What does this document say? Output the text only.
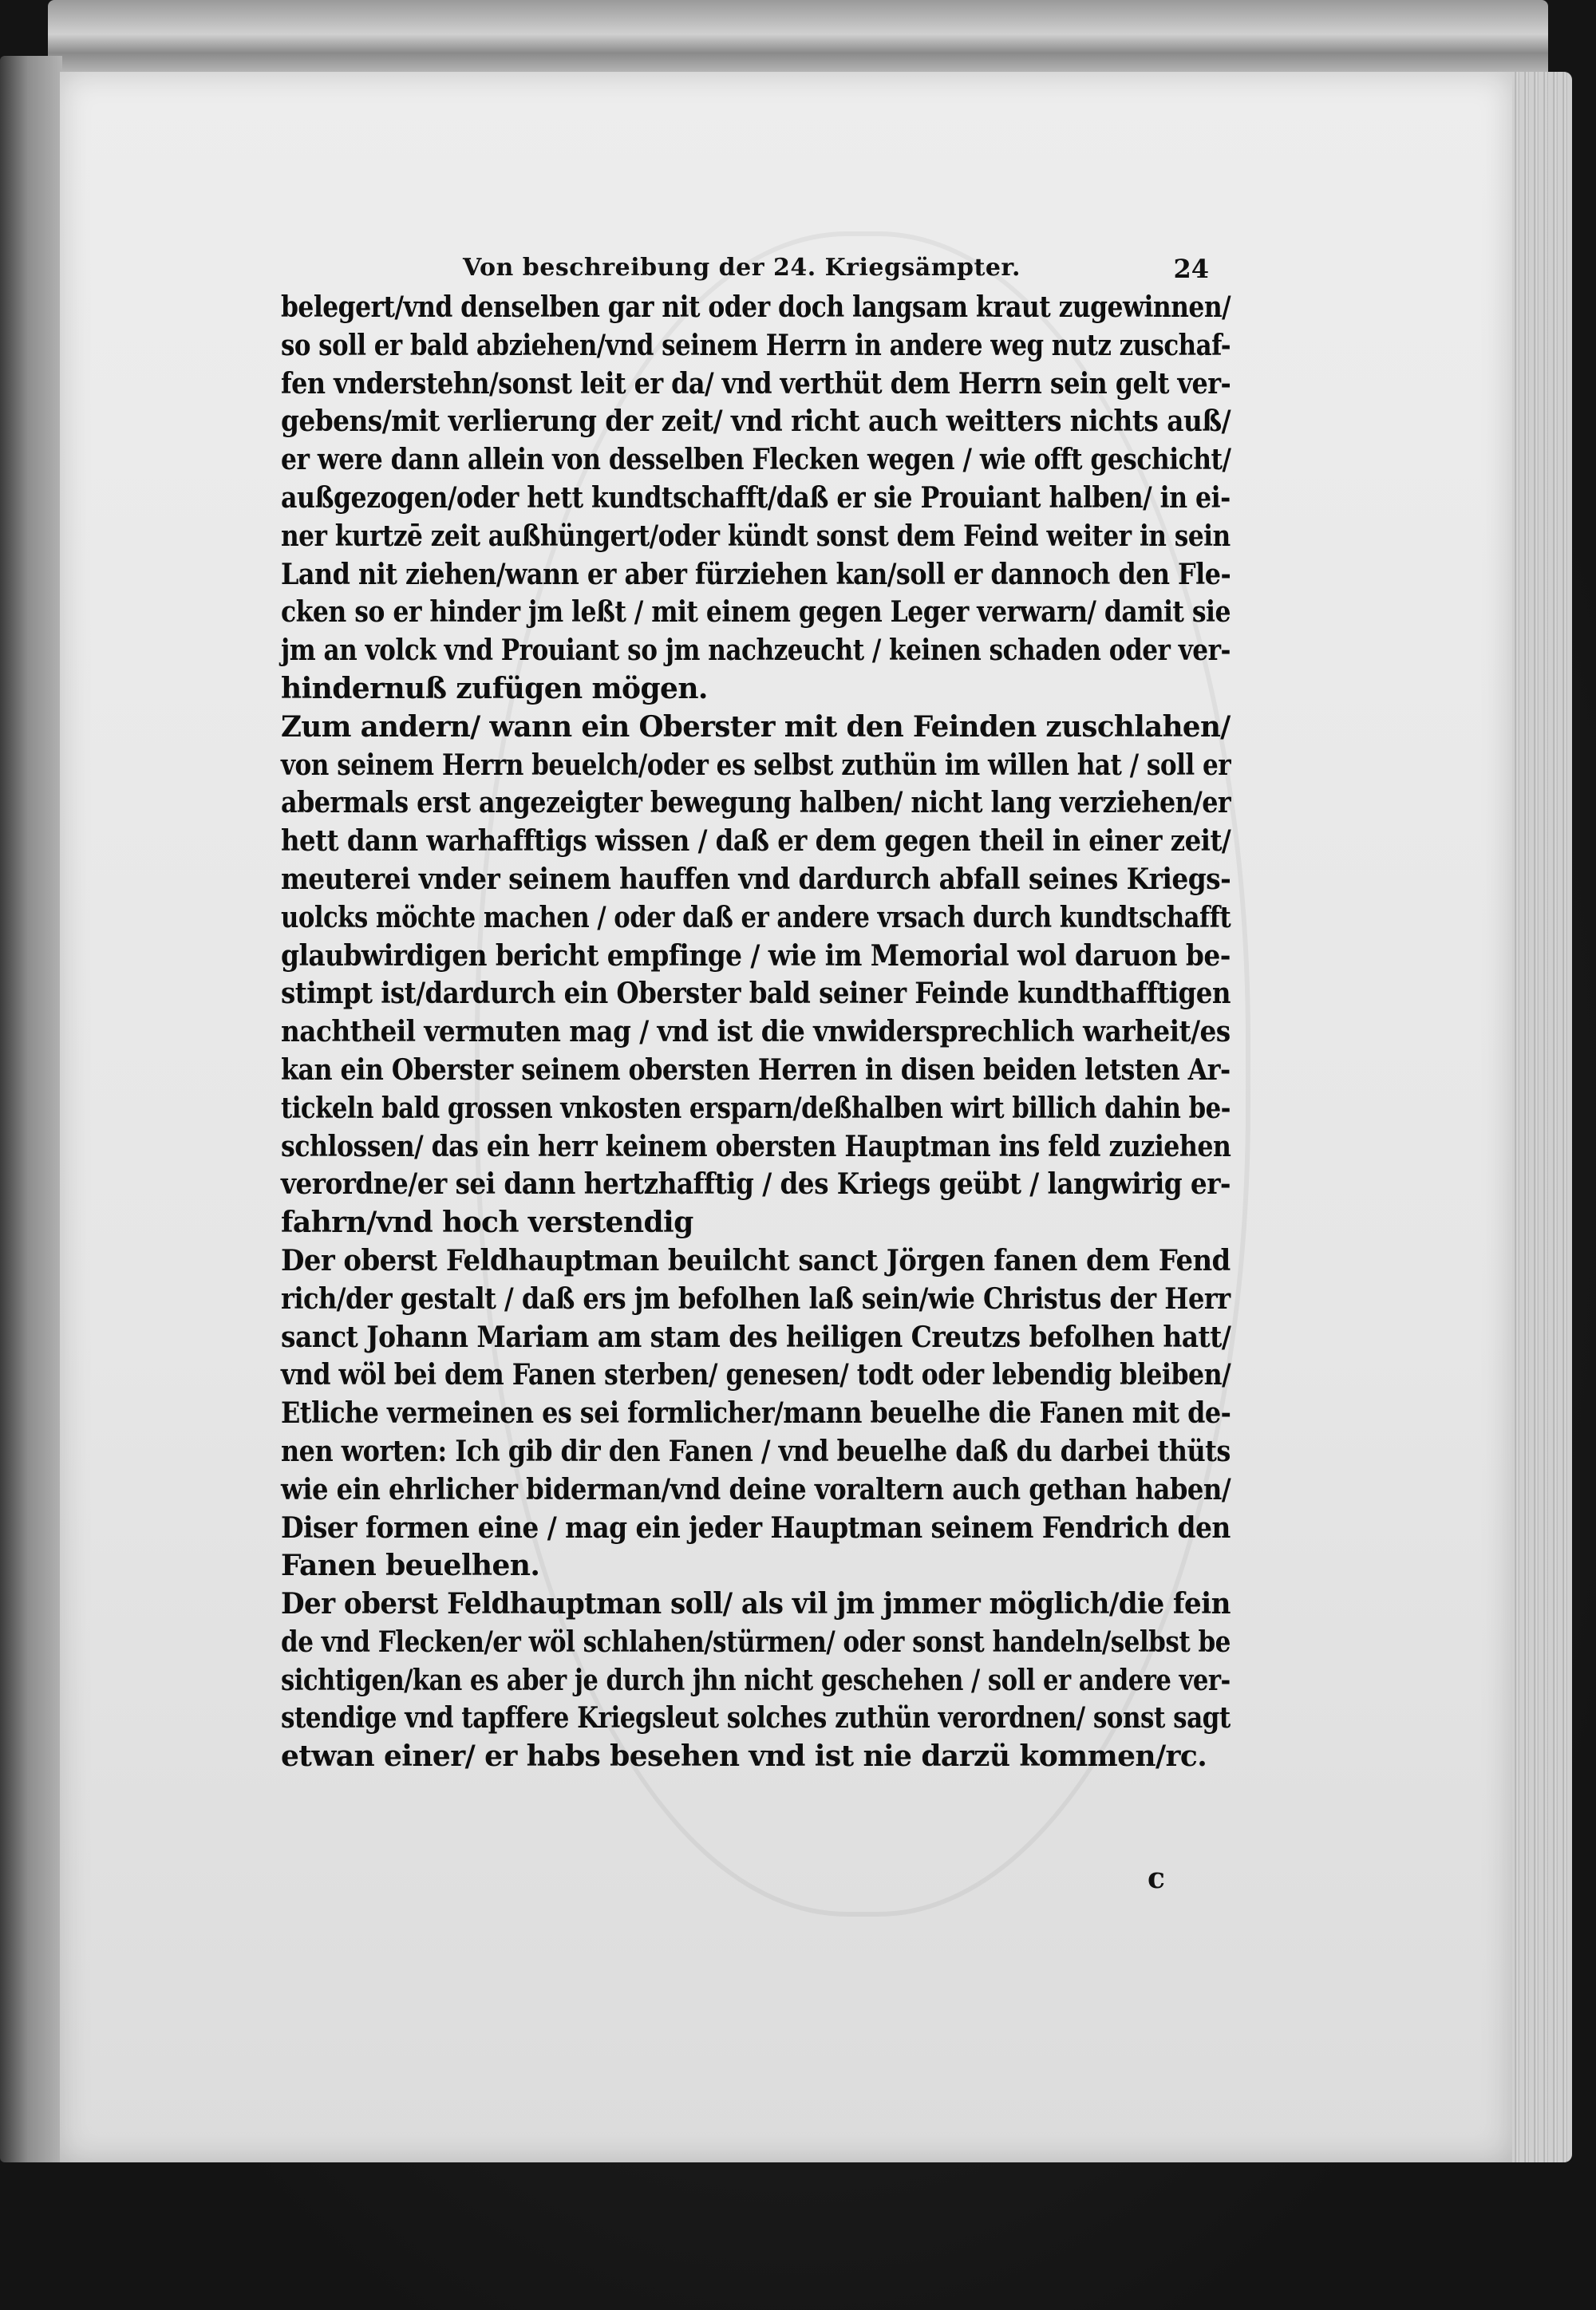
Von beschreibung der 24. Kriegsämpter.	24
belegert/vnd denselben gar nit oder doch langsam kraut zugewinnen/
so soll er bald abziehen/vnd seinem Herrn in andere weg nutz zuschaf-
fen vnderstehn/sonst leit er da/ vnd verthüt dem Herrn sein gelt ver-
gebens/mit verlierung der zeit/ vnd richt auch weitters nichts auß/
er were dann allein von desselben Flecken wegen / wie offt geschicht/
außgezogen/oder hett kundtschafft/daß er sie Prouiant halben/ in ei-
ner kurtzē zeit außhüngert/oder kündt sonst dem Feind weiter in sein
Land nit ziehen/wann er aber fürziehen kan/soll er dannoch den Fle-
cken so er hinder jm leßt / mit einem gegen Leger verwarn/ damit sie
jm an volck vnd Prouiant so jm nachzeucht / keinen schaden oder ver-
hindernuß zufügen mögen.
Zum andern/ wann ein Oberster mit den Feinden zuschlahen/
von seinem Herrn beuelch/oder es selbst zuthün im willen hat / soll er
abermals erst angezeigter bewegung halben/ nicht lang verziehen/er
hett dann warhafftigs wissen / daß er dem gegen theil in einer zeit/
meuterei vnder seinem hauffen vnd dardurch abfall seines Kriegs-
uolcks möchte machen / oder daß er andere vrsach durch kundtschafft
glaubwirdigen bericht empfinge / wie im Memorial wol daruon be-
stimpt ist/dardurch ein Oberster bald seiner Feinde kundthafftigen
nachtheil vermuten mag / vnd ist die vnwidersprechlich warheit/es
kan ein Oberster seinem obersten Herren in disen beiden letsten Ar-
tickeln bald grossen vnkosten ersparn/deßhalben wirt billich dahin be-
schlossen/ das ein herr keinem obersten Hauptman ins feld zuziehen
verordne/er sei dann hertzhafftig / des Kriegs geübt / langwirig er-
fahrn/vnd hoch verstendig
Der oberst Feldhauptman beuilcht sanct Jörgen fanen dem Fend
rich/der gestalt / daß ers jm befolhen laß sein/wie Christus der Herr
sanct Johann Mariam am stam des heiligen Creutzs befolhen hatt/
vnd wöl bei dem Fanen sterben/ genesen/ todt oder lebendig bleiben/
Etliche vermeinen es sei formlicher/mann beuelhe die Fanen mit de-
nen worten: Ich gib dir den Fanen / vnd beuelhe daß du darbei thüts
wie ein ehrlicher biderman/vnd deine voraltern auch gethan haben/
Diser formen eine / mag ein jeder Hauptman seinem Fendrich den
Fanen beuelhen.
Der oberst Feldhauptman soll/ als vil jm jmmer möglich/die fein
de vnd Flecken/er wöl schlahen/stürmen/ oder sonst handeln/selbst be
sichtigen/kan es aber je durch jhn nicht geschehen / soll er andere ver-
stendige vnd tapffere Kriegsleut solches zuthün verordnen/ sonst sagt
etwan einer/ er habs besehen vnd ist nie darzü kommen/rc.
c
